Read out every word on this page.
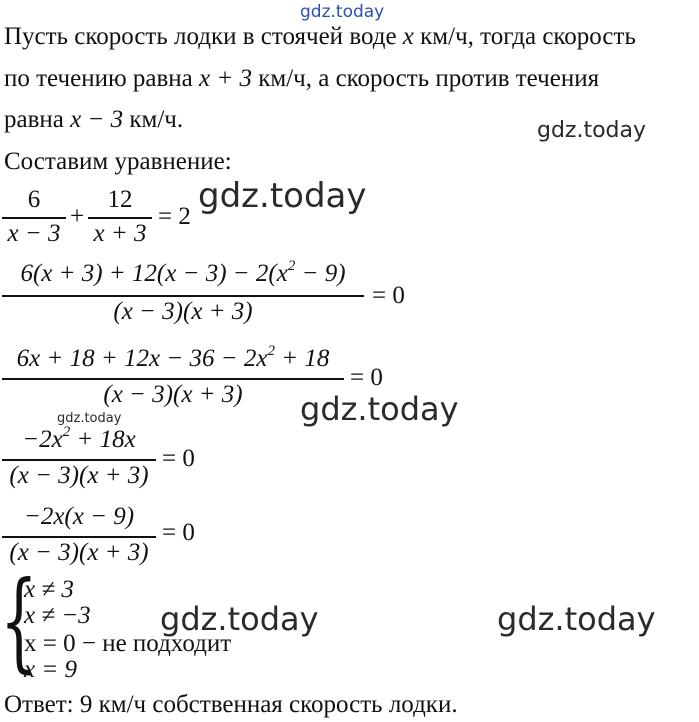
gdz.today
gdz.today
gdz.today
gdz.today
gdz.today
gdz.today	gdz.today
Пусть скорость лодки в стоячей воде x км/ч, тогда скорость
по течению равна x + 3 км/ч, а скорость против течения
равна x − 3 км/ч.
Составим уравнение:
6
x − 3
+
12
x + 3
= 2
$6(x + 3) + 12(x - 3) - 2(x^2 - 9)$
(x − 3)(x + 3)
= 0
$6x + 18 + 12x - 36 - 2x^2 + 18$
(x − 3)(x + 3)
= 0
$-2x^2 + 18x$
(x − 3)(x + 3)
= 0
−2x(x − 9)
(x − 3)(x + 3)
= 0
{
x ≠ 3
x ≠ −3
x = 0 − не подходит
x = 9
Ответ: 9 км/ч собственная скорость лодки.
